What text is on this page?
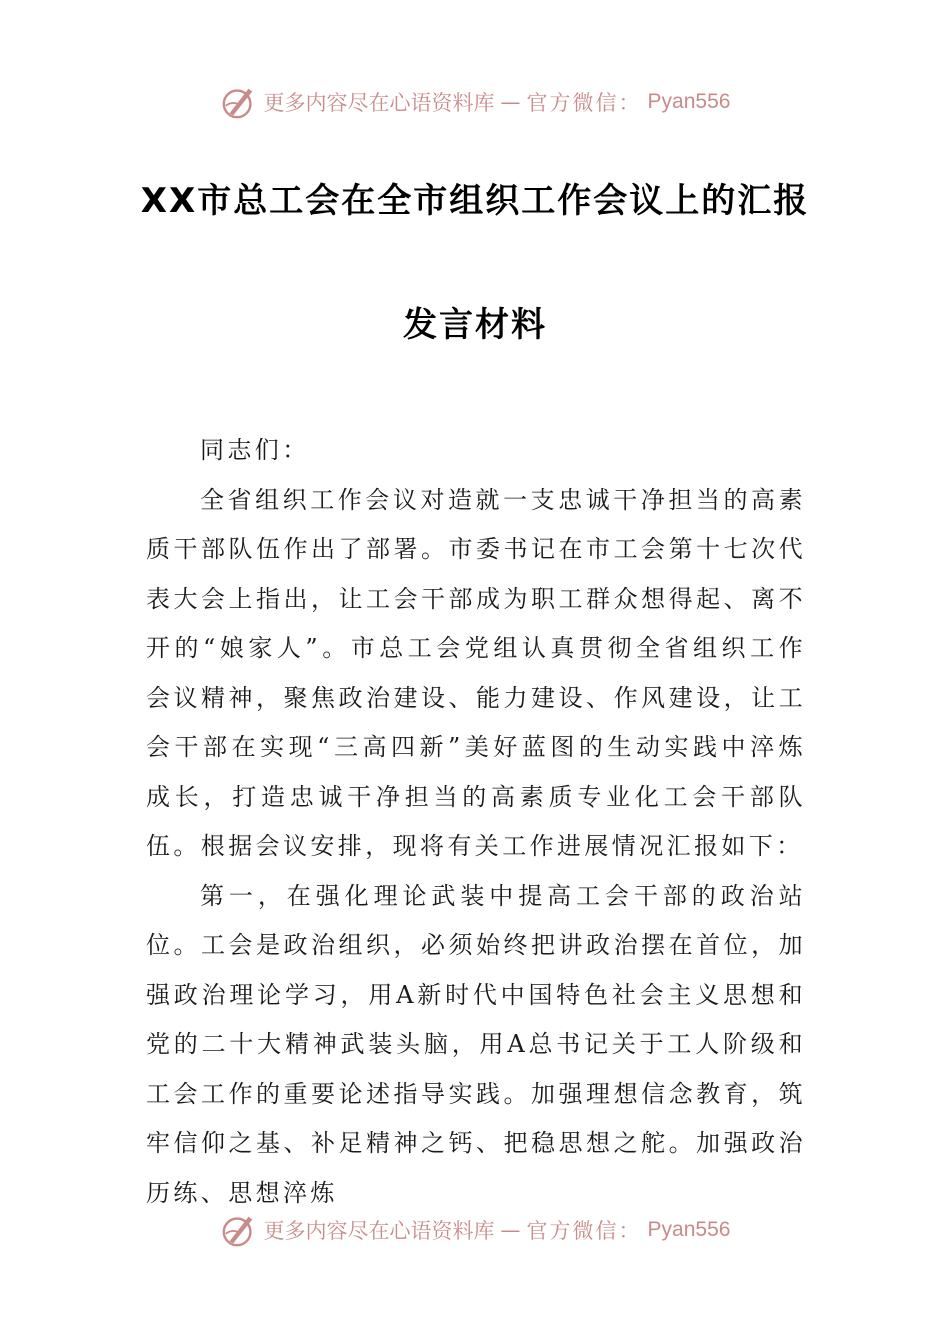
更多内容尽在心语资料库 — 官方微信： Pyan556
XX市总工会在全市组织工作会议上的汇报
发言材料

同志们：

全省组织工作会议对造就一支忠诚干净担当的高素质干部队伍作出了部署。市委书记在市工会第十七次代表大会上指出，让工会干部成为职工群众想得起、离不开的“娘家人”。市总工会党组认真贯彻全省组织工作会议精神，聚焦政治建设、能力建设、作风建设，让工会干部在实现“三高四新”美好蓝图的生动实践中淬炼成长，打造忠诚干净担当的高素质专业化工会干部队伍。根据会议安排，现将有关工作进展情况汇报如下：

第一，在强化理论武装中提高工会干部的政治站位。工会是政治组织，必须始终把讲政治摆在首位，加强政治理论学习，用A新时代中国特色社会主义思想和党的二十大精神武装头脑，用A总书记关于工人阶级和工会工作的重要论述指导实践。加强理想信念教育，筑牢信仰之基、补足精神之钙、把稳思想之舵。加强政治历练、思想淬炼

更多内容尽在心语资料库 — 官方微信： Pyan556
